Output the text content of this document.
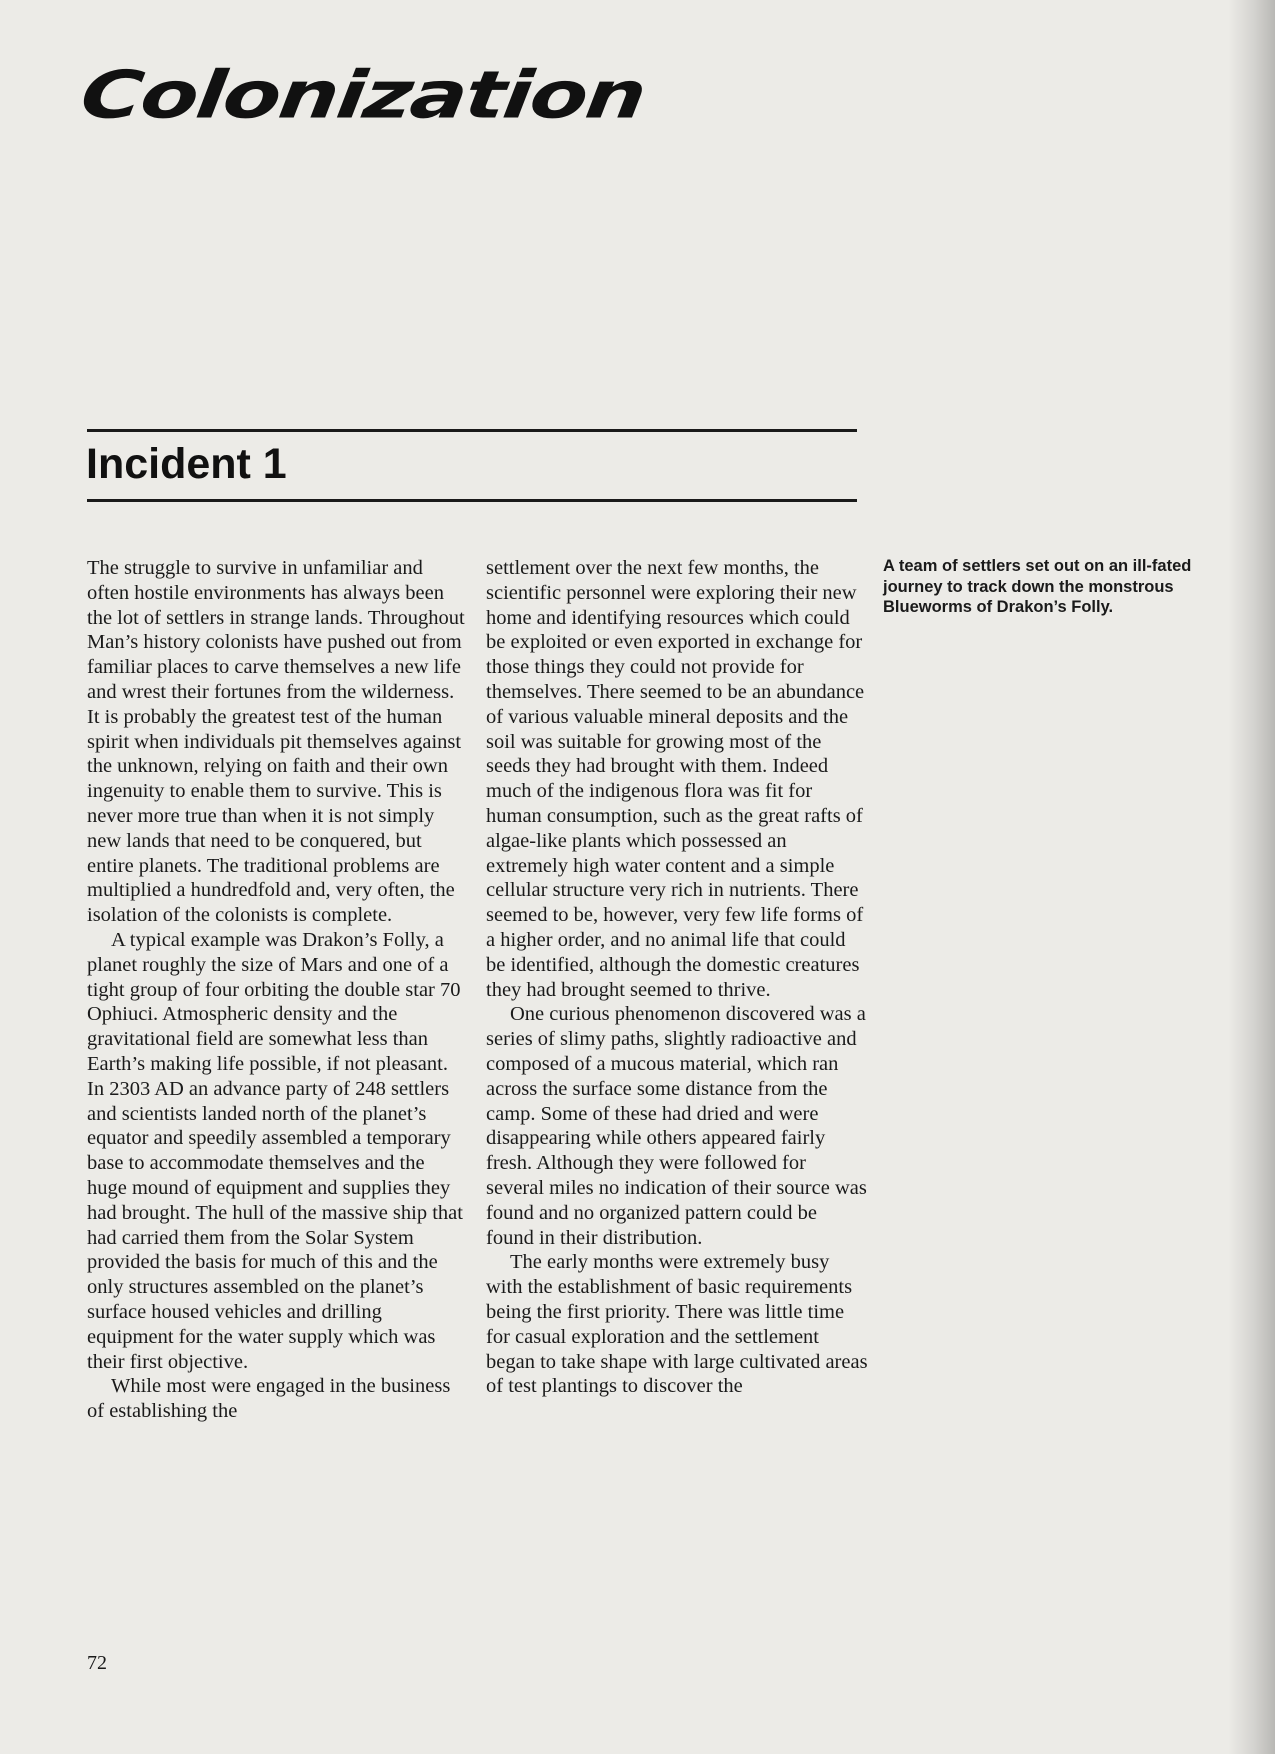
Colonization
Incident 1

The struggle to survive in unfamiliar and often hostile environments has always been the lot of settlers in strange lands. Throughout Man’s history colonists have pushed out from familiar places to carve themselves a new life and wrest their fortunes from the wilderness. It is probably the greatest test of the human spirit when individuals pit themselves against the unknown, relying on faith and their own ingenuity to enable them to survive. This is never more true than when it is not simply new lands that need to be conquered, but entire planets. The traditional problems are multiplied a hundredfold and, very often, the isolation of the colonists is complete.

A typical example was Drakon’s Folly, a planet roughly the size of Mars and one of a tight group of four orbiting the double star 70 Ophiuci. Atmospheric density and the gravitational field are somewhat less than Earth’s making life possible, if not pleasant. In 2303 AD an advance party of 248 settlers and scientists landed north of the planet’s equator and speedily assembled a temporary base to accommodate themselves and the huge mound of equipment and supplies they had brought. The hull of the massive ship that had carried them from the Solar System provided the basis for much of this and the only structures assembled on the planet’s surface housed vehicles and drilling equipment for the water supply which was their first objective.

While most were engaged in the business of establishing the

settlement over the next few months, the scientific personnel were exploring their new home and identifying resources which could be exploited or even exported in exchange for those things they could not provide for themselves. There seemed to be an abundance of various valuable mineral deposits and the soil was suitable for growing most of the seeds they had brought with them. Indeed much of the indigenous flora was fit for human consumption, such as the great rafts of algae-like plants which possessed an extremely high water content and a simple cellular structure very rich in nutrients. There seemed to be, however, very few life forms of a higher order, and no animal life that could be identified, although the domestic creatures they had brought seemed to thrive.

One curious phenomenon discovered was a series of slimy paths, slightly radioactive and composed of a mucous material, which ran across the surface some distance from the camp. Some of these had dried and were disappearing while others appeared fairly fresh. Although they were followed for several miles no indication of their source was found and no organized pattern could be found in their distribution.

The early months were extremely busy with the establishment of basic requirements being the first priority. There was little time for casual exploration and the settlement began to take shape with large cultivated areas of test plantings to discover the

A team of settlers set out on an ill-fated journey to track down the monstrous Blueworms of Drakon’s Folly.

72
